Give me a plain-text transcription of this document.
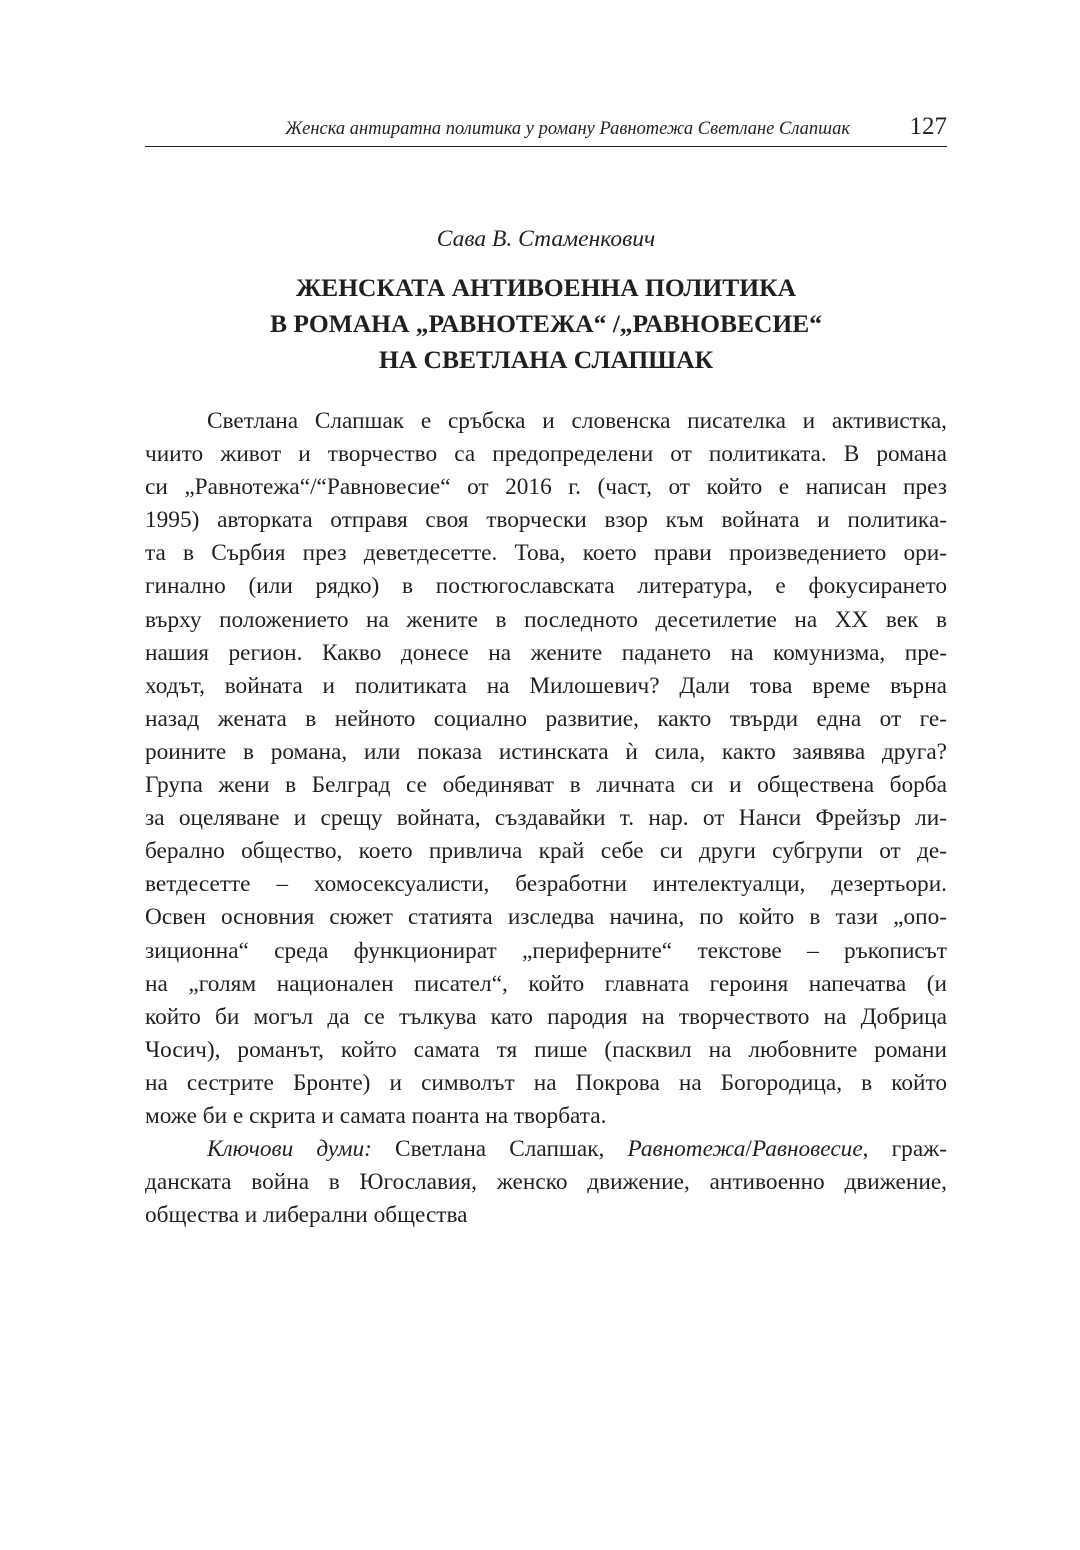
Женска антиратна политика у роману Равнотежа Светлане Слапшак 127
Сава В. Стаменкович
ЖЕНСКАТА АНТИВОЕННА ПОЛИТИКА
В РОМАНА „РАВНОТЕЖА“ /„РАВНОВЕСИЕ“
НА СВЕТЛАНА СЛАПШАК
Светлана Слапшак е сръбска и словенска писателка и активистка,
чиито живот и творчество са предопределени от политиката. В романа
си „Равнотежа“/“Равновесие“ от 2016 г. (част, от който е написан през
1995) авторката отправя своя творчески взор към войната и политика-
та в Сърбия през деветдесетте. Това, което прави произведението ори-
гинално (или рядко) в постюгославската литература, е фокусирането
върху положението на жените в последното десетилетие на XX век в
нашия регион. Какво донесе на жените падането на комунизма, пре-
ходът, войната и политиката на Милошевич? Дали това време върна
назад жената в нейното социално развитие, както твърди една от ге-
роините в романа, или показа истинската ѝ сила, както заявява друга?
Група жени в Белград се обединяват в личната си и обществена борба
за оцеляване и срещу войната, създавайки т. нар. от Нанси Фрейзър ли-
берално общество, което привлича край себе си други субгрупи от де-
ветдесетте – хомосексуалисти, безработни интелектуалци, дезертьори.
Освен основния сюжет статията изследва начина, по който в тази „опо-
зиционна“ среда функционират „периферните“ текстове – ръкописът
на „голям национален писател“, който главната героиня напечатва (и
който би могъл да се тълкува като пародия на творчеството на Добрица
Чосич), романът, който самата тя пише (пасквил на любовните романи
на сестрите Бронте) и символът на Покрова на Богородица, в който
може би е скрита и самата поанта на творбата.
Ключови думи: Светлана Слапшак, Равнотежа/Равновесие, граж-
данската война в Югославия, женско движение, антивоенно движение,
общества и либерални общества
